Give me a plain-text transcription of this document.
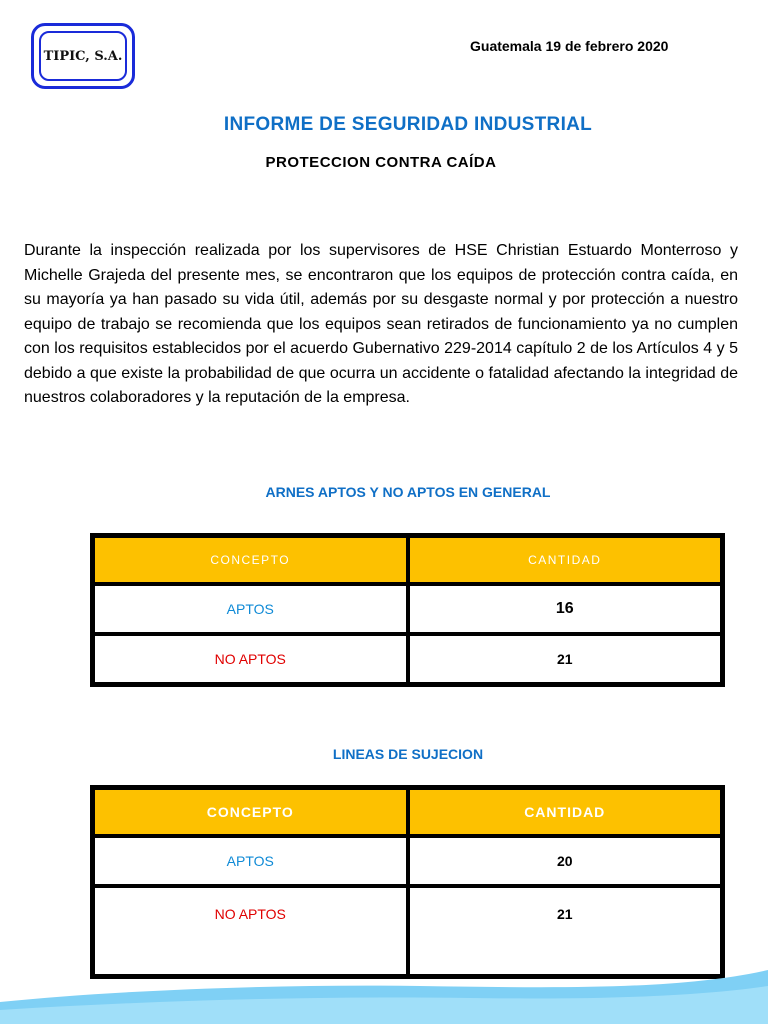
TIPIC, S.A.
Guatemala 19 de febrero 2020
INFORME DE SEGURIDAD INDUSTRIAL
PROTECCION CONTRA CAÍDA

Durante la inspección realizada por los supervisores de HSE Christian Estuardo Monterroso y Michelle Grajeda del presente mes, se encontraron que los equipos de protección contra caída, en su mayoría ya han pasado su vida útil, además por su desgaste normal y por protección a nuestro equipo de trabajo se recomienda que los equipos sean retirados de funcionamiento ya no cumplen con los requisitos establecidos por el acuerdo Gubernativo 229-2014 capítulo 2 de los Artículos 4 y 5 debido a que existe la probabilidad de que ocurra un accidente o fatalidad afectando la integridad de nuestros colaboradores y la reputación de la empresa.

ARNES APTOS Y NO APTOS EN GENERAL
CONCEPTO	CANTIDAD
APTOS	16
NO APTOS	21
LINEAS DE SUJECION
CONCEPTO	CANTIDAD
APTOS	20
NO APTOS	21
